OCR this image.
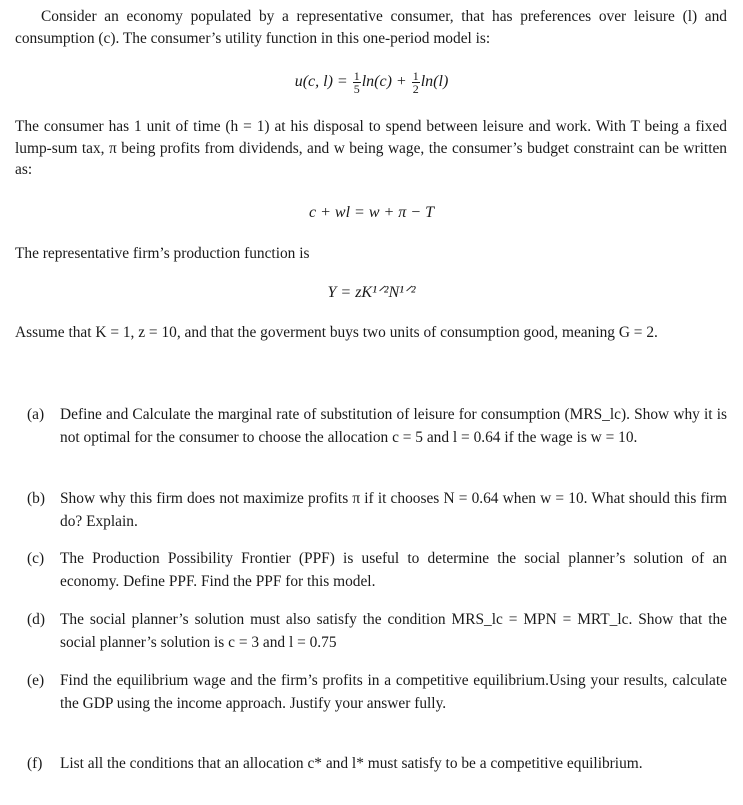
Consider an economy populated by a representative consumer, that has preferences over leisure (l) and consumption (c). The consumer’s utility function in this one-period model is:
u(c, $l) = \frac{1}{5} \ln(c) + \frac{1}{2} \ln(l)$
The consumer has 1 unit of time (h = 1) at his disposal to spend between leisure and work. With T being a fixed lump-sum tax, π being profits from dividends, and w being wage, the consumer’s budget constraint can be written as:
c + wl = w + π − T
The representative firm’s production function is
Y = zK¹ᐟ²N¹ᐟ²
Assume that K = 1, z = 10, and that the goverment buys two units of consumption good, meaning G = 2.
(a) Define and Calculate the marginal rate of substitution of leisure for consumption (MRS_lc). Show why it is not optimal for the consumer to choose the allocation c = 5 and l = 0.64 if the wage is w = 10.
(b) Show why this firm does not maximize profits π if it chooses N = 0.64 when w = 10. What should this firm do? Explain.
(c) The Production Possibility Frontier (PPF) is useful to determine the social planner’s solution of an economy. Define PPF. Find the PPF for this model.
(d) The social planner’s solution must also satisfy the condition MRS_lc = MPN = MRT_lc. Show that the social planner’s solution is c = 3 and l = 0.75
(e) Find the equilibrium wage and the firm’s profits in a competitive equilibrium.Using your results, calculate the GDP using the income approach. Justify your answer fully.
(f) List all the conditions that an allocation c* and l* must satisfy to be a competitive equilibrium.
